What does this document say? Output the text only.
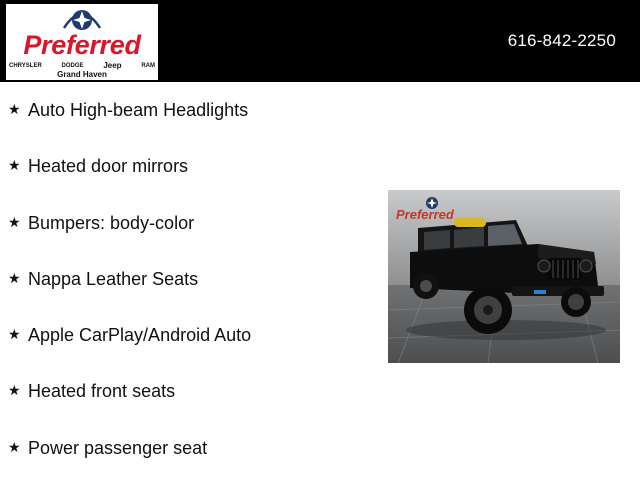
Preferred
CHRYSLER	DODGE Jeep	RAM
Grand Haven
616-842-2250
★ Auto High-beam Headlights
★ Heated door mirrors
★ Bumpers: body-color
★ Nappa Leather Seats
★ Apple CarPlay/Android Auto
★ Heated front seats
★ Power passenger seat
Preferred
